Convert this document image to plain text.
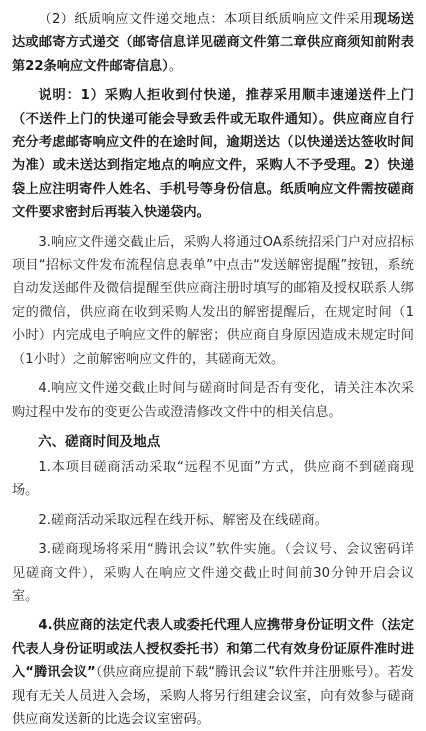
（2）纸质响应文件递交地点：本项目纸质响应文件采用现场送达或邮寄方式递交（邮寄信息详见磋商文件第二章供应商须知前附表第22条响应文件邮寄信息）。

说明：1）采购人拒收到付快递，推荐采用顺丰速递送件上门（不送件上门的快递可能会导致丢件或无取件通知）。供应商应自行充分考虑邮寄响应文件的在途时间，逾期送达（以快递送达签收时间为准）或未送达到指定地点的响应文件，采购人不予受理。2）快递袋上应注明寄件人姓名、手机号等身份信息。纸质响应文件需按磋商文件要求密封后再装入快递袋内。

3.响应文件递交截止后，采购人将通过OA系统招采门户对应招标项目“招标文件发布流程信息表单”中点击“发送解密提醒”按钮，系统自动发送邮件及微信提醒至供应商注册时填写的邮箱及授权联系人绑定的微信，供应商在收到采购人发出的解密提醒后，在规定时间（1小时）内完成电子响应文件的解密；供应商自身原因造成未规定时间（1小时）之前解密响应文件的，其磋商无效。

4.响应文件递交截止时间与磋商时间是否有变化，请关注本次采购过程中发布的变更公告或澄清修改文件中的相关信息。

六、磋商时间及地点

1.本项目磋商活动采取“远程不见面”方式，供应商不到磋商现场。

2.磋商活动采取远程在线开标、解密及在线磋商。

3.磋商现场将采用“腾讯会议”软件实施。（会议号、会议密码详见磋商文件），采购人在响应文件递交截止时间前30分钟开启会议室。

4.供应商的法定代表人或委托代理人应携带身份证明文件（法定代表人身份证明或法人授权委托书）和第二代有效身份证原件准时进入“腾讯会议”（供应商应提前下载“腾讯会议”软件并注册账号）。若发现有无关人员进入会场，采购人将另行组建会议室，向有效参与磋商供应商发送新的比选会议室密码。
